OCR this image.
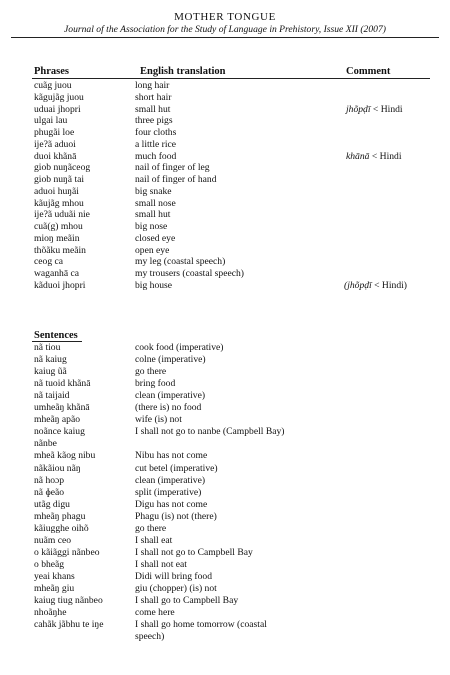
MOTHER TONGUE
Journal of the Association for the Study of Language in Prehistory, Issue XII (2007)
Phrases	English translation	Comment
cuãg juou	long hair
kãgujãg juou	short hair
uduai jhopri	small hut	jhõpḍī < Hindi
ulgai lau	three pigs
phugãi loe	four cloths
ije?ã aduoi	a little rice
duoi khãnā	much food	khānā < Hindi
giob nuŋãceog	nail of finger of leg
giob nuŋã tai	nail of finger of hand
aduoi huŋãi	big snake
kãujãg mhou	small nose
ije?ã uduãi nie	small hut
cuã(g) mhou	big nose
mioŋ meãin	closed eye
thõãku meãin	open eye
ceog ca	my leg (coastal speech)
waganhā ca	my trousers (coastal speech)
kãduoi jhopri	big house	(jhõpḍī < Hindi)
Sentences
nã tiou	cook food (imperative)
nã kaiug	colne (imperative)
kaiug ũã	go there
nã tuoid khãnā	bring food
nã taijaid	clean (imperative)
umheãŋ khãnā	(there is) no food
mheãŋ apão	wife (is) not
noãnce kaiug	I shall not go to nanbe (Campbell Bay)
nãnbe
mheã kãog nibu	Nibu has not come
nãkãiou nãŋ	cut betel (imperative)
nã hoɔp	clean (imperative)
nã ɸeão	split (imperative)
utãg digu	Digu has not come
mheãŋ phagu	Phagu (is) not (there)
kãiugghe oihõ	go there
nuãm ceo	I shall eat
o kãiãggi nãnbeo	I shall not go to Campbell Bay
o bheãg	I shall not eat
yeai khans	Didi will bring food
mheãŋ giu	giu (chopper) (is) not
kaiug tiug nãnbeo	I shall go to Campbell Bay
nhoãŋhe	come here
cahãk jãbhu te iŋe	I shall go home tomorrow (coastal
speech)
